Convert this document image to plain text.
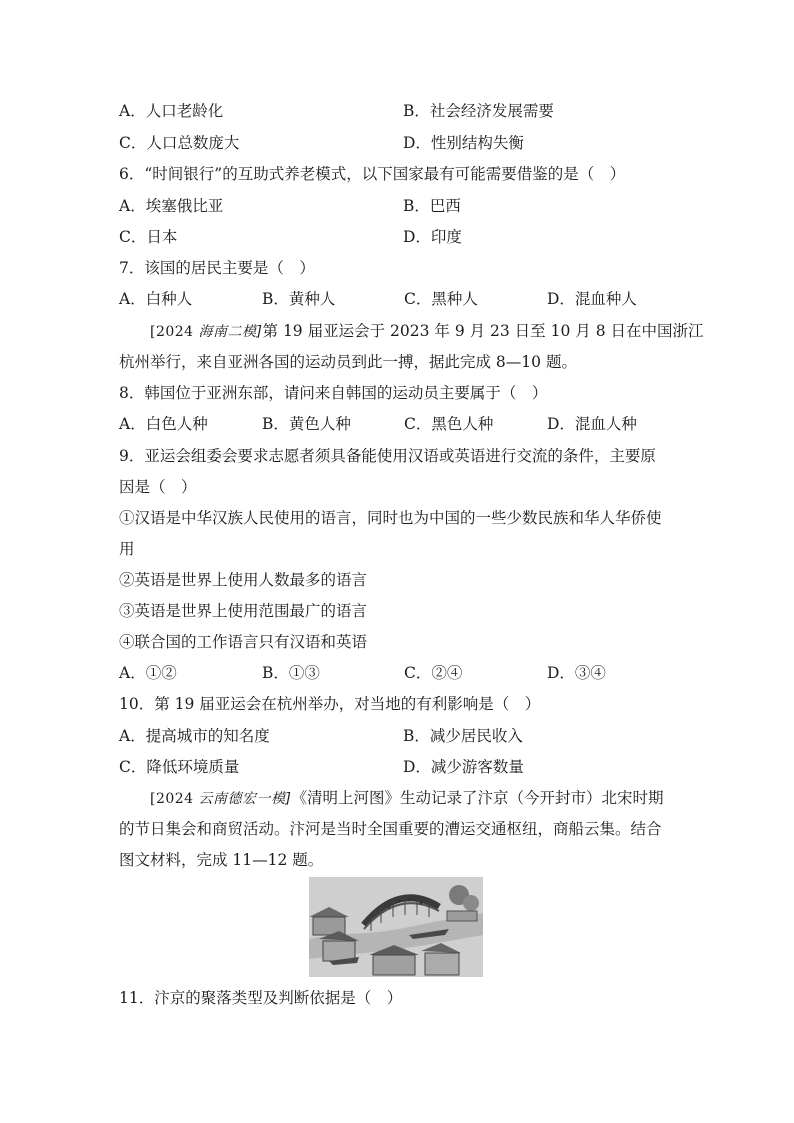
A．人口老龄化	B．社会经济发展需要
C．人口总数庞大	D．性别结构失衡
6．“时间银行”的互助式养老模式，以下国家最有可能需要借鉴的是（　）
A．埃塞俄比亚	B．巴西
C．日本	D．印度
7．该国的居民主要是（　）
A．白种人	B．黄种人	C．黑种人	D．混血种人
[2024 海南二模]第 19 届亚运会于 2023 年 9 月 23 日至 10 月 8 日在中国浙江
杭州举行，来自亚洲各国的运动员到此一搏，据此完成 8—10 题。
8．韩国位于亚洲东部，请问来自韩国的运动员主要属于（　）
A．白色人种	B．黄色人种	C．黑色人种	D．混血人种
9．亚运会组委会要求志愿者须具备能使用汉语或英语进行交流的条件，主要原
因是（　）
①汉语是中华汉族人民使用的语言，同时也为中国的一些少数民族和华人华侨使
用
②英语是世界上使用人数最多的语言
③英语是世界上使用范围最广的语言
④联合国的工作语言只有汉语和英语
A．①②	B．①③	C．②④	D．③④
10．第 19 届亚运会在杭州举办，对当地的有利影响是（　）
A．提高城市的知名度	B．减少居民收入
C．降低环境质量	D．减少游客数量
[2024 云南德宏一模]《清明上河图》生动记录了汴京（今开封市）北宋时期
的节日集会和商贸活动。汴河是当时全国重要的漕运交通枢纽，商船云集。结合
图文材料，完成 11—12 题。
11．汴京的聚落类型及判断依据是（　）
